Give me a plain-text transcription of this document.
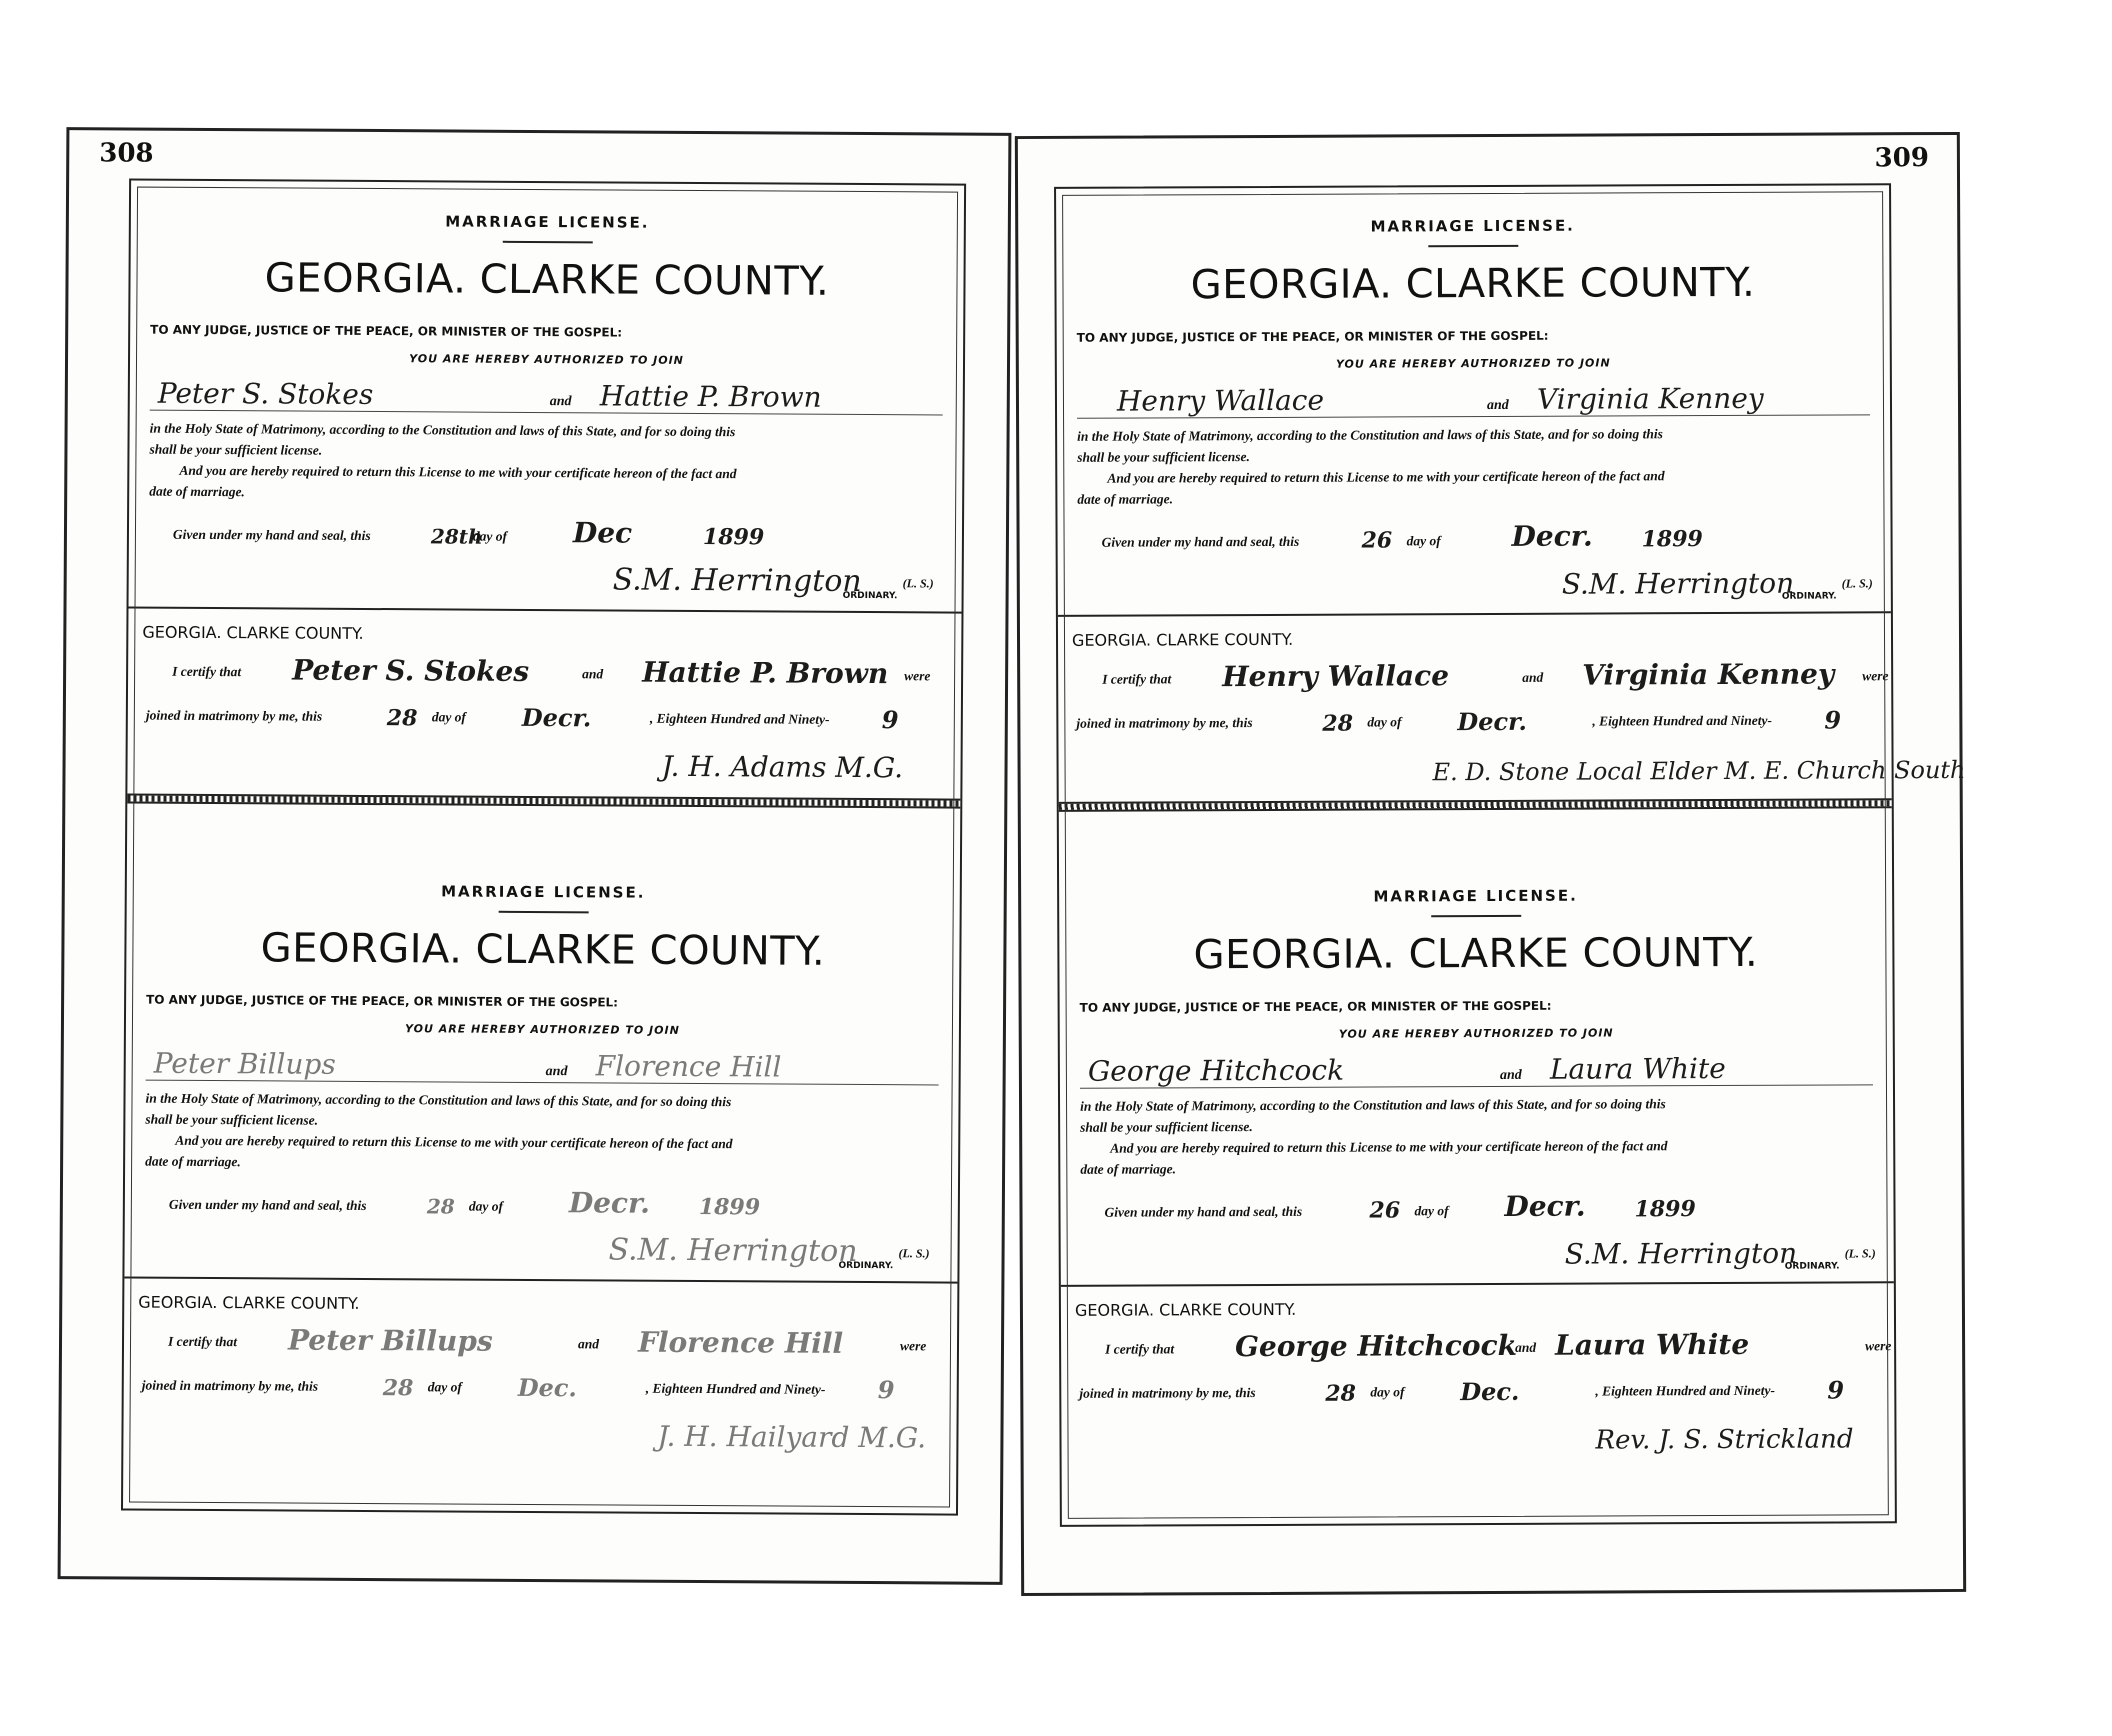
308
MARRIAGE LICENSE.
GEORGIA. CLARKE COUNTY.
TO ANY JUDGE, JUSTICE OF THE PEACE, OR MINISTER OF THE GOSPEL:
YOU ARE HEREBY AUTHORIZED TO JOIN
Peter S. Stokes	and Hattie P. Brown
in the Holy State of Matrimony, according to the Constitution and laws of this State, and for so doing this
shall be your sufficient license.
And you are hereby required to return this License to me with your certificate hereon of the fact and
date of marriage.
Given under my hand and seal, this	28th
day of Dec	1899
S.M. Herrington	(L. S.)
ORDINARY.
GEORGIA. CLARKE COUNTY.
I certify that Peter S. Stokes	and Hattie P. Brown were
joined in matrimony by me, this	28 day of Decr.	, Eighteen Hundred and Ninety- 9
J. H. Adams M.G.
MARRIAGE LICENSE.
GEORGIA. CLARKE COUNTY.
TO ANY JUDGE, JUSTICE OF THE PEACE, OR MINISTER OF THE GOSPEL:
YOU ARE HEREBY AUTHORIZED TO JOIN
Peter Billups	and Florence Hill
in the Holy State of Matrimony, according to the Constitution and laws of this State, and for so doing this
shall be your sufficient license.
And you are hereby required to return this License to me with your certificate hereon of the fact and
date of marriage.
Given under my hand and seal, this	28 day of Decr. 1899
S.M. Herrington	(L. S.)
ORDINARY.
GEORGIA. CLARKE COUNTY.
I certify that Peter Billups	and Florence Hill	were
joined in matrimony by me, this	28 day of Dec.	, Eighteen Hundred and Ninety- 9
J. H. Hailyard M.G.
309
MARRIAGE LICENSE.
GEORGIA. CLARKE COUNTY.
TO ANY JUDGE, JUSTICE OF THE PEACE, OR MINISTER OF THE GOSPEL:
YOU ARE HEREBY AUTHORIZED TO JOIN
Henry Wallace	and Virginia Kenney
in the Holy State of Matrimony, according to the Constitution and laws of this State, and for so doing this
shall be your sufficient license.
And you are hereby required to return this License to me with your certificate hereon of the fact and
date of marriage.
Given under my hand and seal, this	26 day of	Decr. 1899
S.M. Herrington	(L. S.)
ORDINARY.
GEORGIA. CLARKE COUNTY.
I certify that Henry Wallace	and Virginia Kenney were
joined in matrimony by me, this	28 day of Decr.	, Eighteen Hundred and Ninety- 9
E. D. Stone Local Elder M. E. Church South
MARRIAGE LICENSE.
GEORGIA. CLARKE COUNTY.
TO ANY JUDGE, JUSTICE OF THE PEACE, OR MINISTER OF THE GOSPEL:
YOU ARE HEREBY AUTHORIZED TO JOIN
George Hitchcock	and Laura White
in the Holy State of Matrimony, according to the Constitution and laws of this State, and for so doing this
shall be your sufficient license.
And you are hereby required to return this License to me with your certificate hereon of the fact and
date of marriage.
Given under my hand and seal, this	26 day of Decr. 1899
S.M. Herrington	(L. S.)
ORDINARY.
GEORGIA. CLARKE COUNTY.
I certify that George Hitchcock
and Laura White	were
joined in matrimony by me, this	28 day of Dec.	, Eighteen Hundred and Ninety- 9
Rev. J. S. Strickland
